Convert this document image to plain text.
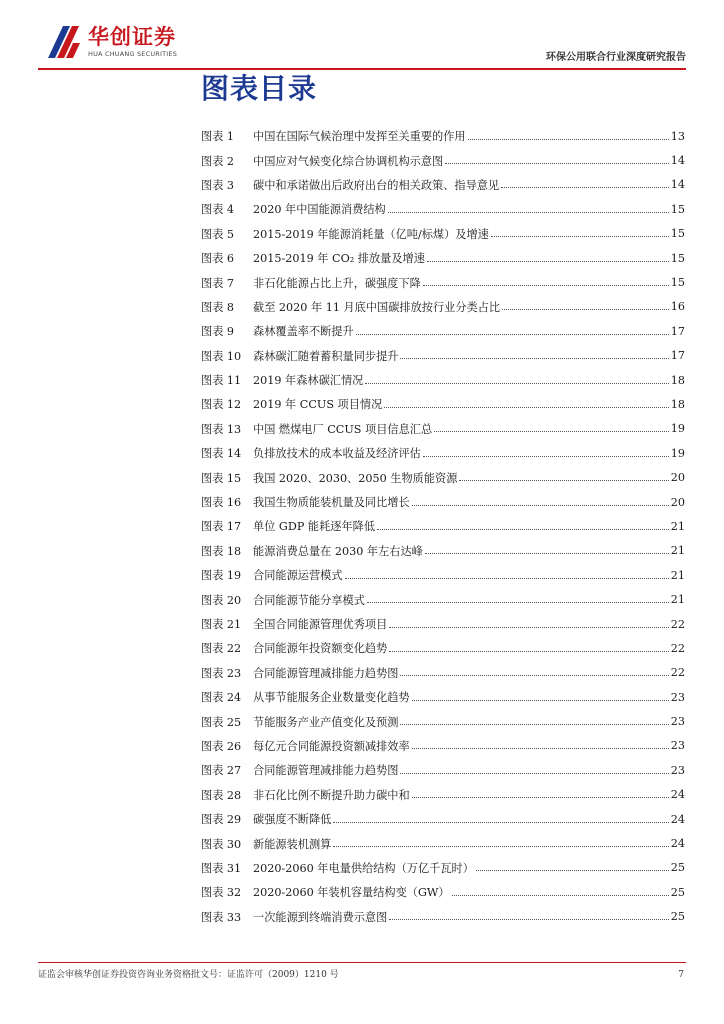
华创证券
HUA CHUANG SECURITIES	环保公用联合行业深度研究报告
图表目录
图表 1	中国在国际气候治理中发挥至关重要的作用	13
图表 2	中国应对气候变化综合协调机构示意图	14
图表 3	碳中和承诺做出后政府出台的相关政策、指导意见	14
图表 4	2020 年中国能源消费结构	15
图表 5	2015-2019 年能源消耗量（亿吨/标煤）及增速	15
图表 6	2015-2019 年 CO₂ 排放量及增速	15
图表 7	非石化能源占比上升，碳强度下降	15
图表 8	截至 2020 年 11 月底中国碳排放按行业分类占比	16
图表 9	森林覆盖率不断提升	17
图表 10	森林碳汇随着蓄积量同步提升	17
图表 11	2019 年森林碳汇情况	18
图表 12	2019 年 CCUS 项目情况	18
图表 13	中国 燃煤电厂 CCUS 项目信息汇总	19
图表 14	负排放技术的成本收益及经济评估	19
图表 15	我国 2020、2030、2050 生物质能资源	20
图表 16	我国生物质能装机量及同比增长	20
图表 17	单位 GDP 能耗逐年降低	21
图表 18	能源消费总量在 2030 年左右达峰	21
图表 19	合同能源运营模式	21
图表 20	合同能源节能分享模式	21
图表 21	全国合同能源管理优秀项目	22
图表 22	合同能源年投资额变化趋势	22
图表 23	合同能源管理减排能力趋势图	22
图表 24	从事节能服务企业数量变化趋势	23
图表 25	节能服务产业产值变化及预测	23
图表 26	每亿元合同能源投资额减排效率	23
图表 27	合同能源管理减排能力趋势图	23
图表 28	非石化比例不断提升助力碳中和	24
图表 29	碳强度不断降低	24
图表 30	新能源装机测算	24
图表 31	2020-2060 年电量供给结构（万亿千瓦时）	25
图表 32	2020-2060 年装机容量结构变（GW）	25
图表 33	一次能源到终端消费示意图	25
证监会审核华创证券投资咨询业务资格批文号：证监许可（2009）1210 号	7
